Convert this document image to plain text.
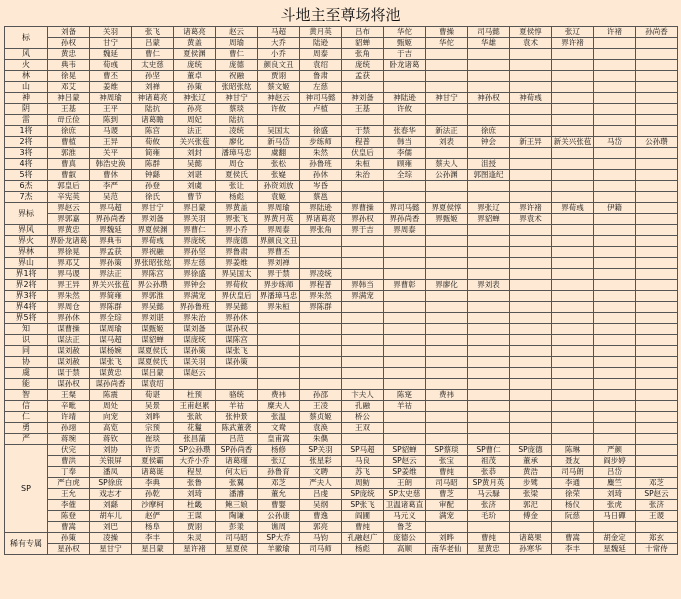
斗地主至尊场将池
标	刘备	关羽	张飞	诸葛亮	赵云	马超	黄月英	吕布	华佗	曹操	司马懿	夏侯惇	张辽	许褚	孙尚香
	孙权	甘宁	吕蒙	黄盖	周瑜	大乔	陆逊	貂蝉	甄姬	华佗	华雄	袁术	界许褚		
风	黄忠	魏延	曹仁	夏侯渊	曹仁	小乔	周泰	张角	于吉						
火	典韦	荀彧	太史慈	庞统	庞德	颜良文丑	袁绍	庞统	卧龙诸葛						
林	徐晃	曹丕	孙坚	董卓	祝融	贾诩	鲁肃	孟获							
山	邓艾	姜维	刘禅	孙策	张昭张纮	蔡文姬	左慈								
神	神吕蒙	神周瑜	神诸葛亮	神张辽	神甘宁	神赵云	神司马懿	神刘备	神陆逊	神甘宁	神孙权	神荀彧			
阴	王基	王平	陆抗	孙亮	蔡琰	许攸	卢植	王基	许攸						
雷	毌丘俭	陈到	诸葛瞻	周妃	陆抗										
1将	徐庶	马谡	陈宫	法正	凌统	吴国太	徐盛	于禁	张春华	新法正	徐庶				
2将	曹植	王异	荀攸	关兴张苞	廖化	新马岱	步练师	程普	韩当	刘表	钟会	新王异	新关兴张苞	马岱	公孙瓒
3将	郭淮	关平	简雍	刘封	潘璋马忠	虞翻	朱然	伏皇后	李儒						
4将	曹真	韩浩史涣	陈群	吴懿	周仓	张松	孙鲁班	朱桓	顾雍	蔡夫人	沮授				
5将	曹叡	曹休	钟繇	刘谌	夏侯氏	张嶷	孙休	朱治	全琮	公孙渊	郭图逢纪				
6杰	郭皇后	李严	孙登	刘虞	张让	孙资刘放	岑昏								
7杰	辛宪英	吴范	徐氏	曹节	杨彪	袁姬	蔡邕								
界标	界赵云	界马超	界甘宁	界吕蒙	界黄盖	界周瑜	界陆逊	界曹操	界司马懿	界夏侯惇	界张辽	界许褚	界荀彧	伊籍	
	界郭嘉	界孙尚香	界刘备	界关羽	界张飞	界黄月英	界诸葛亮	界孙权	界孙尚香	界甄姬	界貂蝉	界袁术			
界风	界黄忠	界魏延	界夏侯渊	界曹仁	界小乔	界周泰	界张角	界于吉	界周泰						
界火	界卧龙诸葛	界典韦	界荀彧	界庞统	界庞德	界颜良文丑									
界林	界徐晃	界孟获	界祝融	界孙坚	界鲁肃	界曹丕									
界山	界邓艾	界孙策	界张昭张纮	界左慈	界姜维	界刘禅									
界1将	界马谡	界法正	界陈宫	界徐盛	界吴国太	界于禁	界凌统								
界2将	界王异	界关兴张苞	界公孙瓒	界钟会	界荀攸	界步练师	界程普	界韩当	界曹彰	界廖化	界刘表				
界3将	界朱然	界简雍	界郭淮	界满宠	界伏皇后	界潘璋马忠	界朱然	界满宠							
界4将	界周仓	界陈群	界吴懿	界孙鲁班	界吴懿	界朱桓	界陈群								
界5将	界孙休	界全琮	界刘谌	界朱治	界孙休										
知	谋曹操	谋周瑜	谋甄姬	谋刘备	谋孙权										
识	谋法正	谋马超	谋貂蝉	谋庞统	谋陈宫										
同	谋刘赦	谋杨婉	谋夏侯氏	谋孙策	谋张飞										
协	谋刘赦	谋张飞	谋夏侯氏	谋关羽	谋孙策										
虞	谋于禁	谋黄忠	谋吕蒙	谋赵云											
能	谋孙权	谋孙尚香	谋袁绍												
智	王粲	陈震	荀谌	杜预	骆统	费祎	孙邵	卞夫人	陈寔	费祎					
信	辛毗	周处	吴景	王甫赵累	羊祜	糜夫人	王凌	孔融	羊祜						
仁	许靖	向宠	刘晔	张歆	张仲景	张温	蔡贞姬	桥公							
勇	孙翊	高览	宗预	花鬘	陈武董袭	文鸯	袁涣	王双							
严	蒋琬	蒋钦	崔琰	张昌蒲	吕范	皇甫嵩	朱儁								
SP	伏完	刘协	许贡	SP公孙瓒	SP孙尚香	杨修	SP关羽	SP马超	SP貂蝉	SP蔡琰	SP曹仁	SP庞德	陈琳	严颜	
	曹洪	关银屏	夏侯霸	大乔小乔	诸葛瑾	张辽	张星彩	马良	SP赵云	张宝	祖茂	董承	聂友	阎步婷	
	丁奉	潘凤	诸葛诞	程昱	何太后	孙鲁育	文聘	苏飞	SP姜维	曹纯	张恭	黄浩	司马朗	吕岱	
	严白虎	SP徐庶	李典	张鲁	张翼	邓芝	严夫人	周鲂	王朗	司马昭	SP黄月英	步骘	李通	麋竺	邓芝
	王允	戏志才	孙乾	刘琦	潘濬	董允	吕虔	SP庞统	SP太史慈	曹芝	马云騄	张梁	徐荣	刘琦	SP赵云
	李傕	刘繇	沙摩柯	杜畿	鲍三娘	曹婴	吴纲	SP张飞	卫温诸葛直	审配	张济	郭汜	杨仪	张虎	张济
	陈登	胡车儿	赵俨	王谋	陶谦	公孙康	曹逸	阎圃	马元义	满宠	毛玠	傅金	阮慈	马日磾	王谡
	曹嵩	刘巴	杨阜	贾诩	彭羕	谯周	郭亮	曹纯	鲁芝						
稀有专属	孙策	凌操	李丰	朱灵	司马昭	SP大乔	马钧	孔融赵广	庞德公	刘晔	曹纯	诸葛果	曹嵩	胡金定	郑玄
	星孙权	星甘宁	星吕蒙	星许褚	星夏侯	羊徽瑜	司马师	杨彪	高顺	南华老仙	星黄忠	孙寒华	李丰	星魏延	十常侍
